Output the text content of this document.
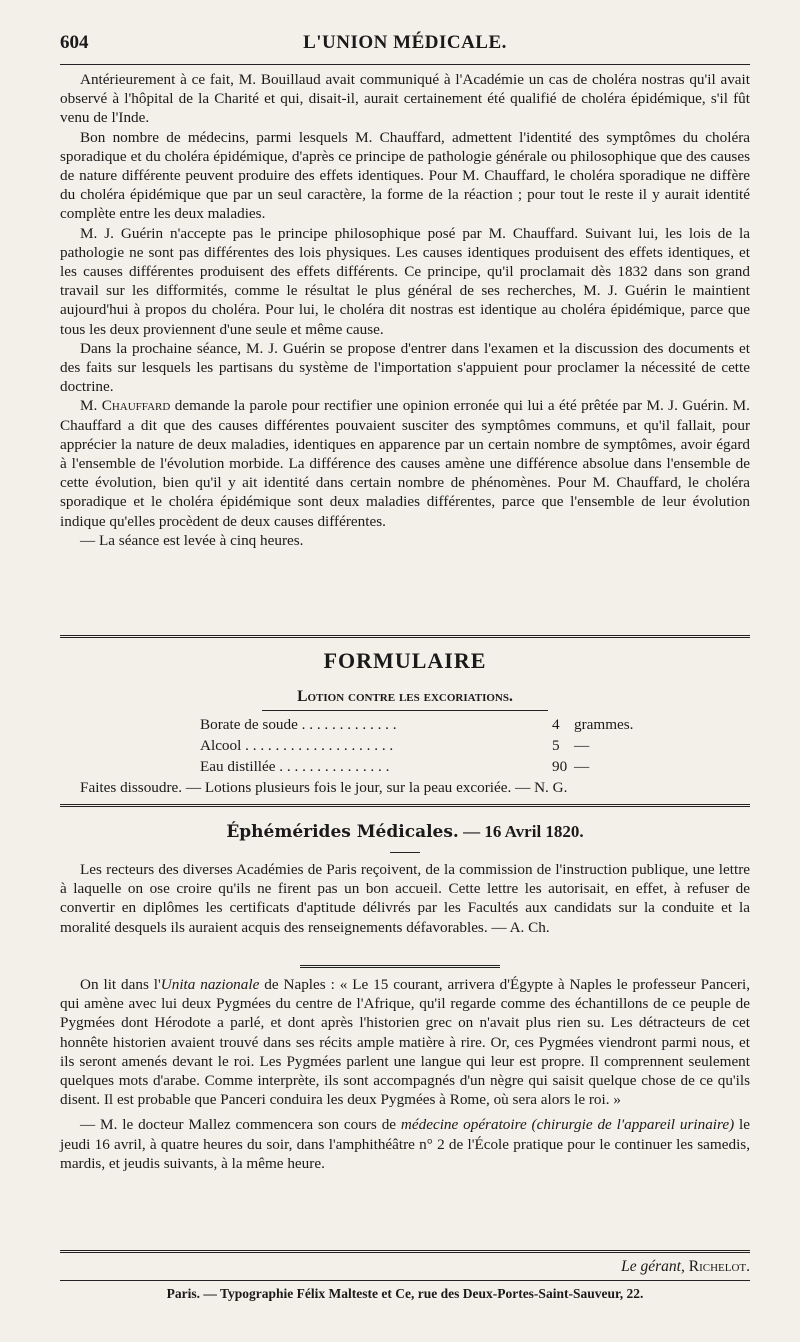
604	L'UNION MÉDICALE.

Antérieurement à ce fait, M. Bouillaud avait communiqué à l'Académie un cas de choléra nostras qu'il avait observé à l'hôpital de la Charité et qui, disait-il, aurait certainement été qualifié de choléra épidémique, s'il fût venu de l'Inde.

Bon nombre de médecins, parmi lesquels M. Chauffard, admettent l'identité des symptômes du choléra sporadique et du choléra épidémique, d'après ce principe de pathologie générale ou philosophique que des causes de nature différente peuvent produire des effets identiques. Pour M. Chauffard, le choléra sporadique ne diffère du choléra épidémique que par un seul caractère, la forme de la réaction ; pour tout le reste il y aurait identité complète entre les deux maladies.

M. J. Guérin n'accepte pas le principe philosophique posé par M. Chauffard. Suivant lui, les lois de la pathologie ne sont pas différentes des lois physiques. Les causes identiques produisent des effets identiques, et les causes différentes produisent des effets différents. Ce principe, qu'il proclamait dès 1832 dans son grand travail sur les difformités, comme le résultat le plus général de ses recherches, M. J. Guérin le maintient aujourd'hui à propos du choléra. Pour lui, le choléra dit nostras est identique au choléra épidémique, parce que tous les deux proviennent d'une seule et même cause.

Dans la prochaine séance, M. J. Guérin se propose d'entrer dans l'examen et la discussion des documents et des faits sur lesquels les partisans du système de l'importation s'appuient pour proclamer la nécessité de cette doctrine.

M. Chauffard demande la parole pour rectifier une opinion erronée qui lui a été prêtée par M. J. Guérin. M. Chauffard a dit que des causes différentes pouvaient susciter des symptômes communs, et qu'il fallait, pour apprécier la nature de deux maladies, identiques en apparence par un certain nombre de symptômes, avoir égard à l'ensemble de l'évolution morbide. La différence des causes amène une différence absolue dans l'ensemble de cette évolution, bien qu'il y ait identité dans certain nombre de phénomènes. Pour M. Chauffard, le choléra sporadique et le choléra épidémique sont deux maladies différentes, parce que l'ensemble de leur évolution indique qu'elles procèdent de deux causes différentes.

— La séance est levée à cinq heures.

FORMULAIRE
Lotion contre les excoriations.
Borate de soude . . . . . . . . . . . . .	4 grammes.
Alcool . . . . . . . . . . . . . . . . . . . .	5 —
Eau distillée . . . . . . . . . . . . . . .	90 —

Faites dissoudre. — Lotions plusieurs fois le jour, sur la peau excoriée. — N. G.

Éphémérides Médicales. — 16 Avril 1820.

Les recteurs des diverses Académies de Paris reçoivent, de la commission de l'instruction publique, une lettre à laquelle on ose croire qu'ils ne firent pas un bon accueil. Cette lettre les autorisait, en effet, à refuser de convertir en diplômes les certificats d'aptitude délivrés par les Facultés aux candidats sur la conduite et la moralité desquels ils auraient acquis des renseignements défavorables. — A. Ch.

On lit dans l'Unita nazionale de Naples : « Le 15 courant, arrivera d'Égypte à Naples le professeur Panceri, qui amène avec lui deux Pygmées du centre de l'Afrique, qu'il regarde comme des échantillons de ce peuple de Pygmées dont Hérodote a parlé, et dont après l'historien grec on n'avait plus rien su. Les détracteurs de cet honnête historien avaient trouvé dans ses récits ample matière à rire. Or, ces Pygmées viendront parmi nous, et ils seront amenés devant le roi. Les Pygmées parlent une langue qui leur est propre. Il comprennent seulement quelques mots d'arabe. Comme interprète, ils sont accompagnés d'un nègre qui saisit quelque chose de ce qu'ils disent. Il est probable que Panceri conduira les deux Pygmées à Rome, où sera alors le roi. »

— M. le docteur Mallez commencera son cours de médecine opératoire (chirurgie de l'appareil urinaire) le jeudi 16 avril, à quatre heures du soir, dans l'amphithéâtre n° 2 de l'École pratique pour le continuer les samedis, mardis, et jeudis suivants, à la même heure.

Le gérant, Richelot.
Paris. — Typographie Félix Malteste et Ce, rue des Deux-Portes-Saint-Sauveur, 22.
